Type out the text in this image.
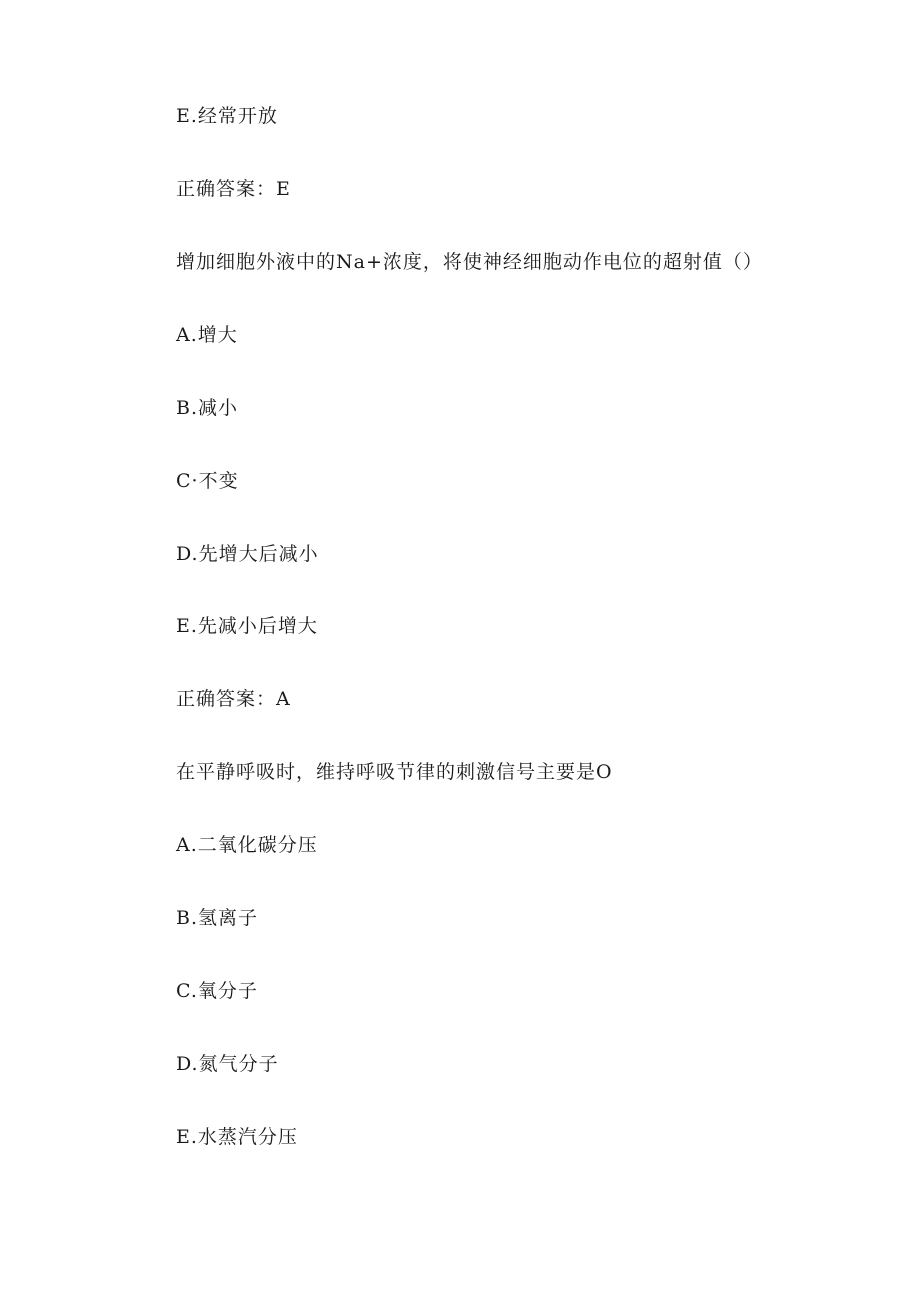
E.经常开放
正确答案：E
增加细胞外液中的Na+浓度，将使神经细胞动作电位的超射值（）
A.增大
B.减小
C·不变
D.先增大后减小
E.先减小后增大
正确答案：A
在平静呼吸时，维持呼吸节律的刺激信号主要是O
A.二氧化碳分压
B.氢离子
C.氧分子
D.氮气分子
E.水蒸汽分压
